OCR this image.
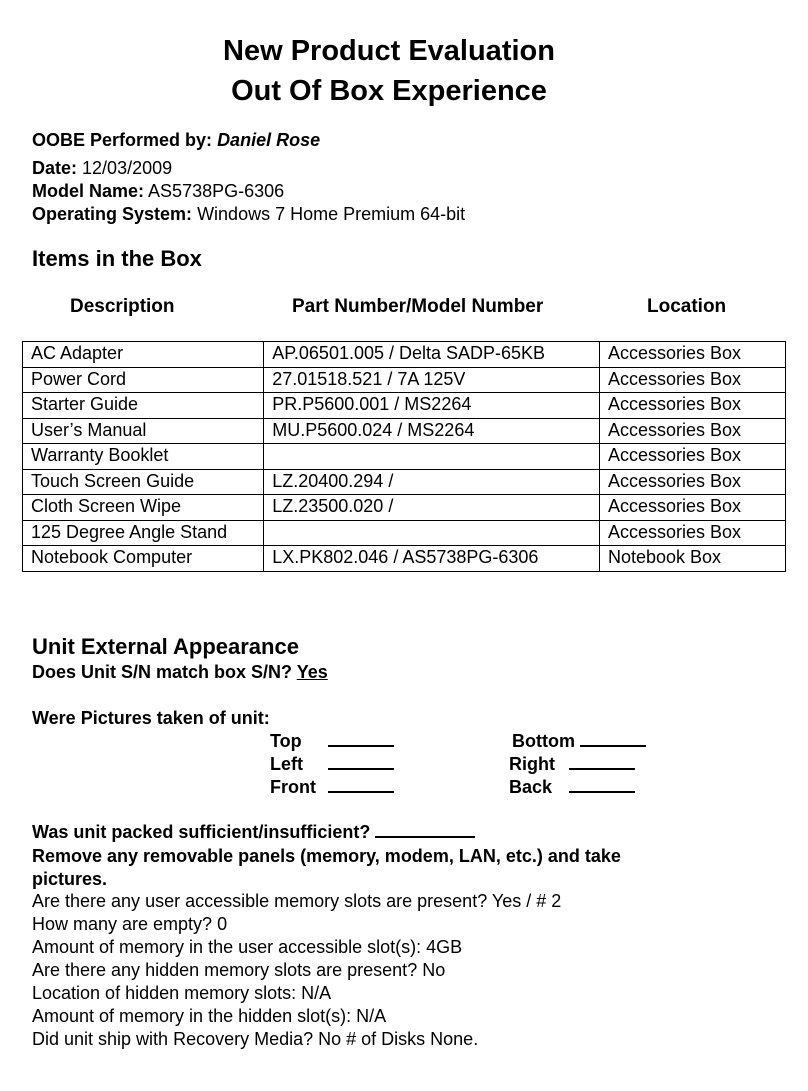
New Product Evaluation
Out Of Box Experience
OOBE Performed by: Daniel Rose
Date: 12/03/2009
Model Name: AS5738PG-6306
Operating System: Windows 7 Home Premium 64-bit
Items in the Box
Description	Part Number/Model Number	Location
AC Adapter	AP.06501.005 / Delta SADP-65KB	Accessories Box
Power Cord	27.01518.521 / 7A 125V	Accessories Box
Starter Guide	PR.P5600.001 / MS2264	Accessories Box
User’s Manual	MU.P5600.024 / MS2264	Accessories Box
Warranty Booklet		Accessories Box
Touch Screen Guide	LZ.20400.294 /	Accessories Box
Cloth Screen Wipe	LZ.23500.020 /	Accessories Box
125 Degree Angle Stand		Accessories Box
Notebook Computer	LX.PK802.046 / AS5738PG-6306	Notebook Box
Unit External Appearance
Does Unit S/N match box S/N? Yes
Were Pictures taken of unit:
Top	Bottom
Left	Right
Front	Back
Was unit packed sufficient/insufficient?
Remove any removable panels (memory, modem, LAN, etc.) and take
pictures.
Are there any user accessible memory slots are present? Yes / # 2
How many are empty? 0
Amount of memory in the user accessible slot(s): 4GB
Are there any hidden memory slots are present? No
Location of hidden memory slots: N/A
Amount of memory in the hidden slot(s): N/A
Did unit ship with Recovery Media? No # of Disks None.
